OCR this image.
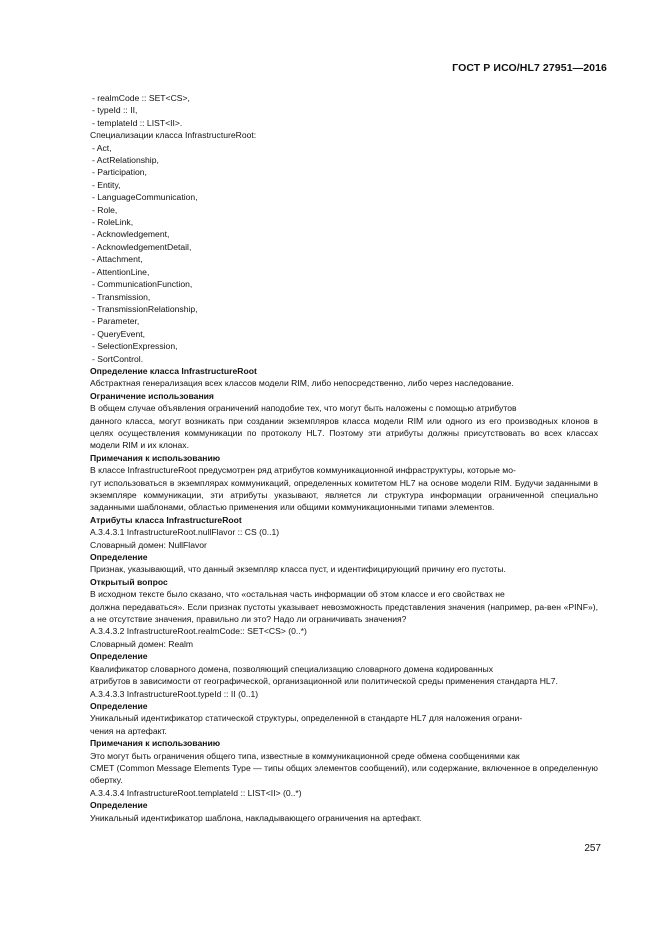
ГОСТ Р ИСО/HL7 27951—2016

- realmCode :: SET<CS>,

- typeId :: II,

- templateId :: LIST<II>.

Специализации класса InfrastructureRoot:

- Act,

- ActRelationship,

- Participation,

- Entity,

- LanguageCommunication,

- Role,

- RoleLink,

- Acknowledgement,

- AcknowledgementDetail,

- Attachment,

- AttentionLine,

- CommunicationFunction,

- Transmission,

- TransmissionRelationship,

- Parameter,

- QueryEvent,

- SelectionExpression,

- SortControl.

Определение класса InfrastructureRoot

Абстрактная генерализация всех классов модели RIM, либо непосредственно, либо через наследование.

Ограничение использования

В общем случае объявления ограничений наподобие тех, что могут быть наложены с помощью атрибутов

данного класса, могут возникать при создании экземпляров класса модели RIM или одного из его производных клонов в целях осуществления коммуникации по протоколу HL7. Поэтому эти атрибуты должны присутствовать во всех классах модели RIM и их клонах.

Примечания к использованию

В классе InfrastructureRoot предусмотрен ряд атрибутов коммуникационной инфраструктуры, которые мо-

гут использоваться в экземплярах коммуникаций, определенных комитетом HL7 на основе модели RIM. Будучи заданными в экземпляре коммуникации, эти атрибуты указывают, является ли структура информации ограниченной специально заданными шаблонами, областью применения или общими коммуникационными типами элементов.

Атрибуты класса InfrastructureRoot

A.3.4.3.1 InfrastructureRoot.nullFlavor :: CS (0..1)

Словарный домен: NullFlavor

Определение

Признак, указывающий, что данный экземпляр класса пуст, и идентифицирующий причину его пустоты.

Открытый вопрос

В исходном тексте было сказано, что «остальная часть информации об этом классе и его свойствах не

должна передаваться». Если признак пустоты указывает невозможность представления значения (например, ра-вен «PINF»), а не отсутствие значения, правильно ли это? Надо ли ограничивать значения?

A.3.4.3.2 InfrastructureRoot.realmCode:: SET<CS> (0..*)

Словарный домен: Realm

Определение

Квалификатор словарного домена, позволяющий специализацию словарного домена кодированных

атрибутов в зависимости от географической, организационной или политической среды применения стандарта HL7.

A.3.4.3.3 InfrastructureRoot.typeId :: II (0..1)

Определение

Уникальный идентификатор статической структуры, определенной в стандарте HL7 для наложения ограни-

чения на артефакт.

Примечания к использованию

Это могут быть ограничения общего типа, известные в коммуникационной среде обмена сообщениями как

CMET (Common Message Elements Type — типы общих элементов сообщений), или содержание, включенное в определенную обертку.

A.3.4.3.4 InfrastructureRoot.templateId :: LIST<II> (0..*)

Определение

Уникальный идентификатор шаблона, накладывающего ограничения на артефакт.

257
